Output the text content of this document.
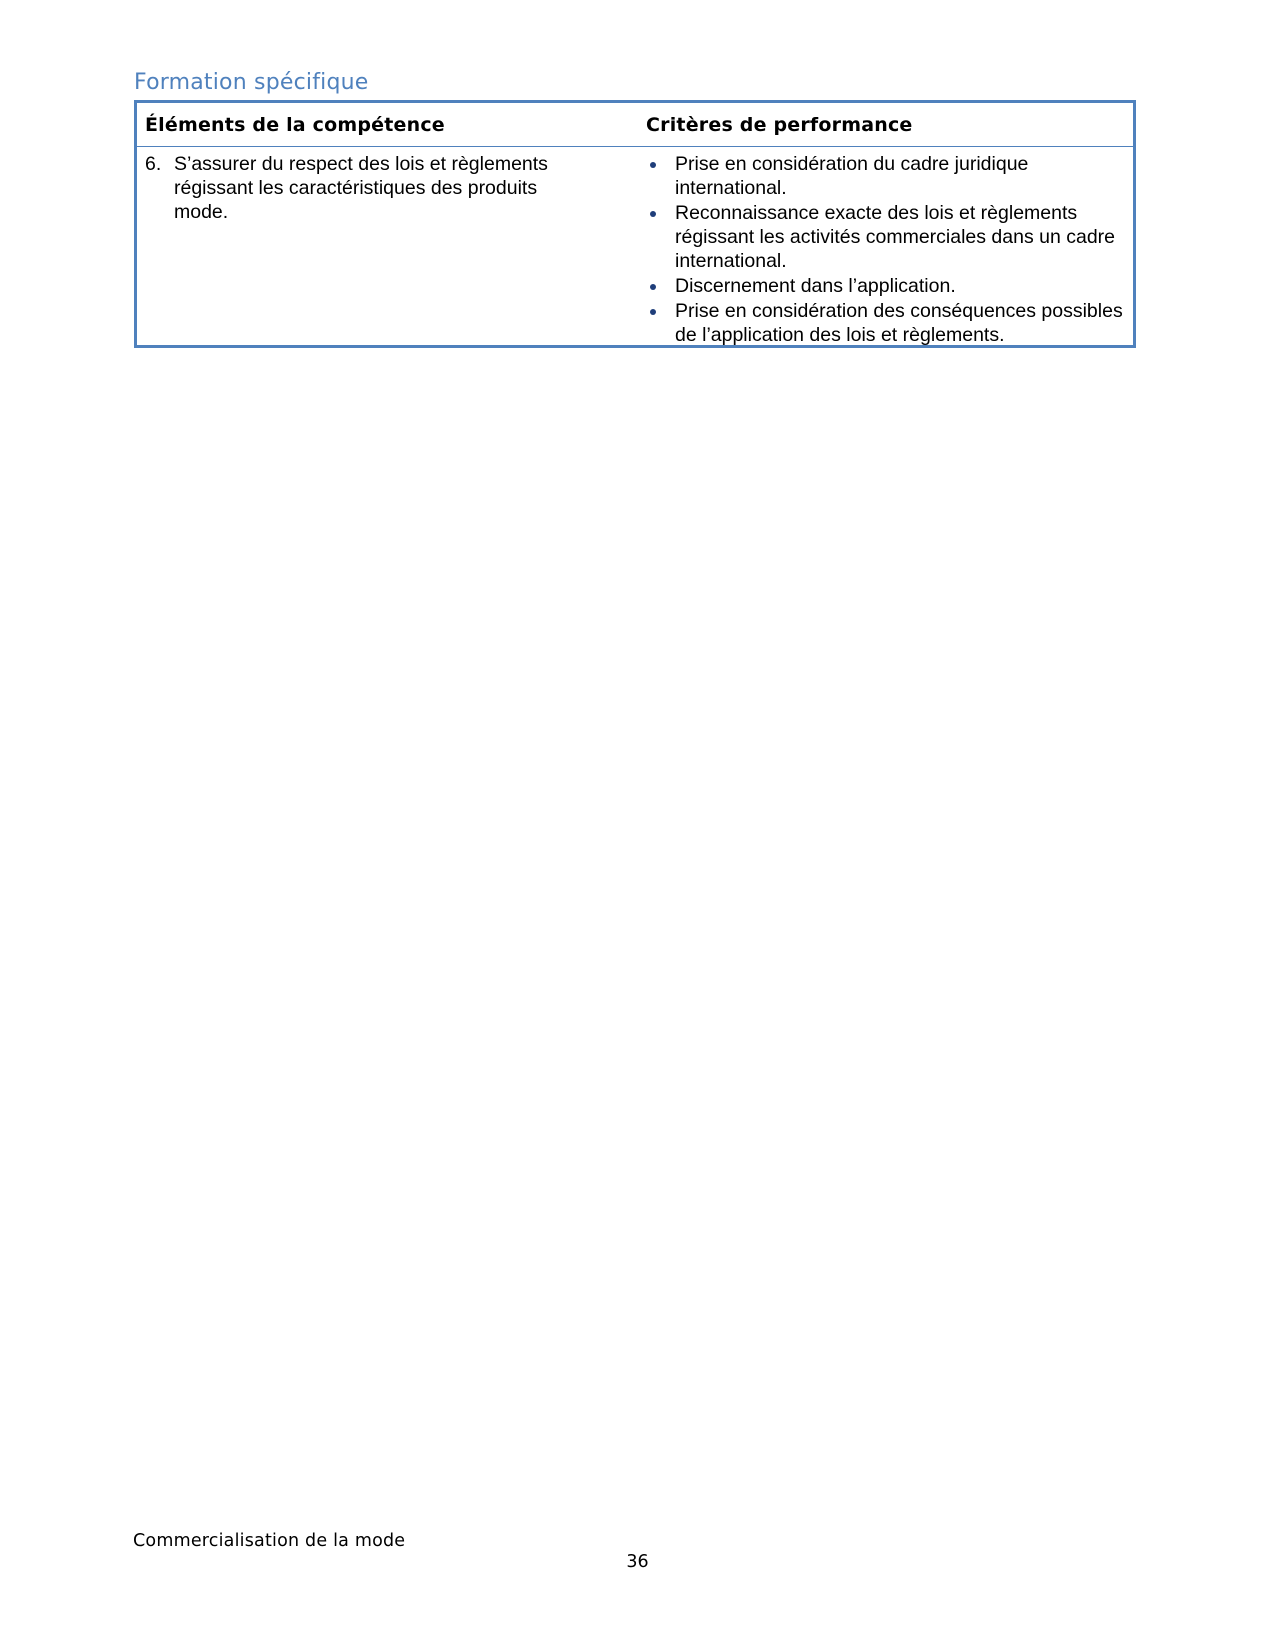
Formation spécifique
Éléments de la compétence	Critères de performance
6. S’assurer du respect des lois et règlements régissant les caractéristiques des produits mode.
Prise en considération du cadre juridique international.
Reconnaissance exacte des lois et règlements régissant les activités commerciales dans un cadre international.
Discernement dans l’application.
Prise en considération des conséquences possibles de l’application des lois et règlements.
Commercialisation de la mode
36
